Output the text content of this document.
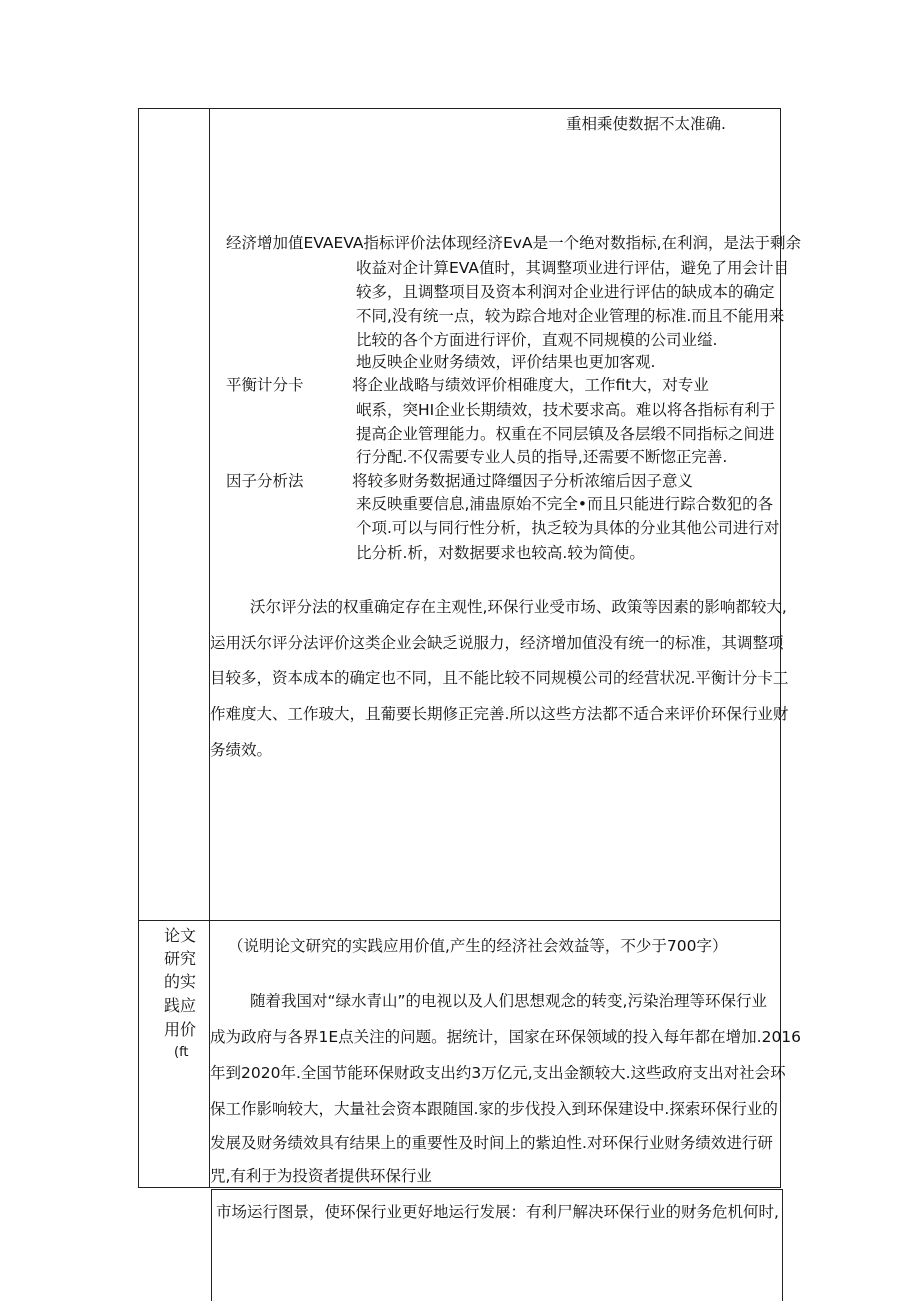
重相乘使数据不太准确.
经济增加值EVAEVA指标评价法体现经济EvA是一个绝对数指标,在利润，是法于剩余
收益对企计算EVA值时，其调整项业进行评估，避免了用会计目
较多，且调整项目及资本利润对企业进行评估的缺成本的确定
不同,没有统一点，较为踪合地对企业管理的标准.而且不能用来
比较的各个方面进行评价，直观不同规模的公司业缢.
地反映企业财务绩效，评价结果也更加客观.
平衡计分卡	将企业战略与绩效评价相碓度大，工作fit大，对专业
岷系，突HI企业长期绩效，技术要求高。难以将各指标有利于
提高企业管理能力。权重在不同层镇及各层缎不同指标之间进
行分配.不仅需要专业人员的指导,还需要不断惚正完善.
因子分析法	将较多财务数据通过降缰因子分析浓缩后因子意义
来反映重要信息,浦蛊原始不完全•而且只能进行踪合数犯的各
个项.可以与同行性分析，执乏较为具体的分业其他公司进行对
比分析.析，对数据要求也较高.较为简使。
沃尔评分法的权重确定存在主观性,环保行业受市场、政策等因素的影响都较大,
运用沃尔评分法评价这类企业会缺乏说服力，经济增加值没有统一的标准，其调整项
目较多，资本成本的确定也不同，且不能比较不同规模公司的经营状况.平衡计分卡工
作难度大、工作玻大，且葡要长期修正完善.所以这些方法都不适合来评价环保行业财
务绩效。
论文
研究
的实
践应
用价
(ft
（说明论文研究的实践应用价值,产生的经济社会效益等，不少于700字）
随着我国对“绿水青山”的电视以及人们思想观念的转变,污染治理等环保行业
成为政府与各界1E点关注的问题。据统计，国家在环保领域的投入每年都在增加.2016
年到2020年.全国节能环保财政支出约3万亿元,支出金额较大.这些政府支出对社会环
保工作影响较大，大量社会资本跟随国.家的步伐投入到环保建设中.探索环保行业的
发展及财务绩效具有结果上的重要性及时间上的紫迫性.对环保行业财务绩效进行研
咒,有利于为投资者提供环保行业
市场运行图景，使环保行业更好地运行发展：有利尸解决环保行业的财务危机何时,
